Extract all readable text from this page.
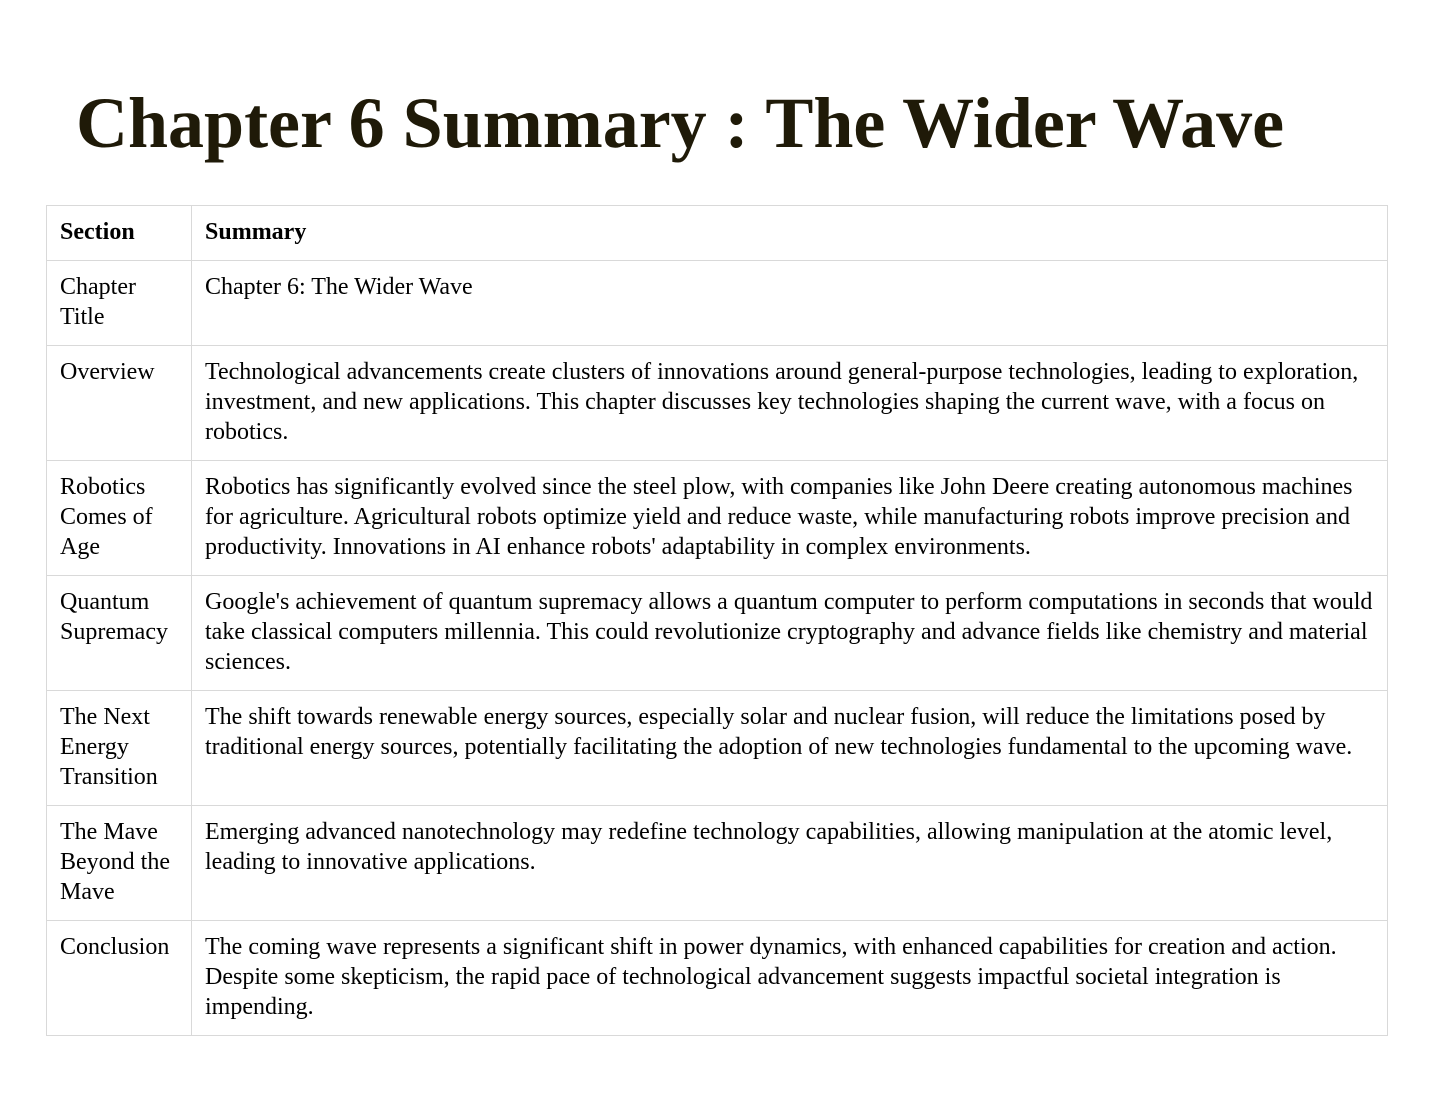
Chapter 6 Summary : The Wider Wave
Section	Summary
Chapter Title	Chapter 6: The Wider Wave
Overview	Technological advancements create clusters of innovations around general-purpose technologies, leading to exploration, investment, and new applications. This chapter discusses key technologies shaping the current wave, with a focus on robotics.
Robotics Comes of Age	Robotics has significantly evolved since the steel plow, with companies like John Deere creating autonomous machines for agriculture. Agricultural robots optimize yield and reduce waste, while manufacturing robots improve precision and productivity. Innovations in AI enhance robots' adaptability in complex environments.
Quantum Supremacy	Google's achievement of quantum supremacy allows a quantum computer to perform computations in seconds that would take classical computers millennia. This could revolutionize cryptography and advance fields like chemistry and material sciences.
The Next Energy Transition	The shift towards renewable energy sources, especially solar and nuclear fusion, will reduce the limitations posed by traditional energy sources, potentially facilitating the adoption of new technologies fundamental to the upcoming wave.
The Mave Beyond the Mave	Emerging advanced nanotechnology may redefine technology capabilities, allowing manipulation at the atomic level, leading to innovative applications.
Conclusion	The coming wave represents a significant shift in power dynamics, with enhanced capabilities for creation and action. Despite some skepticism, the rapid pace of technological advancement suggests impactful societal integration is impending.
